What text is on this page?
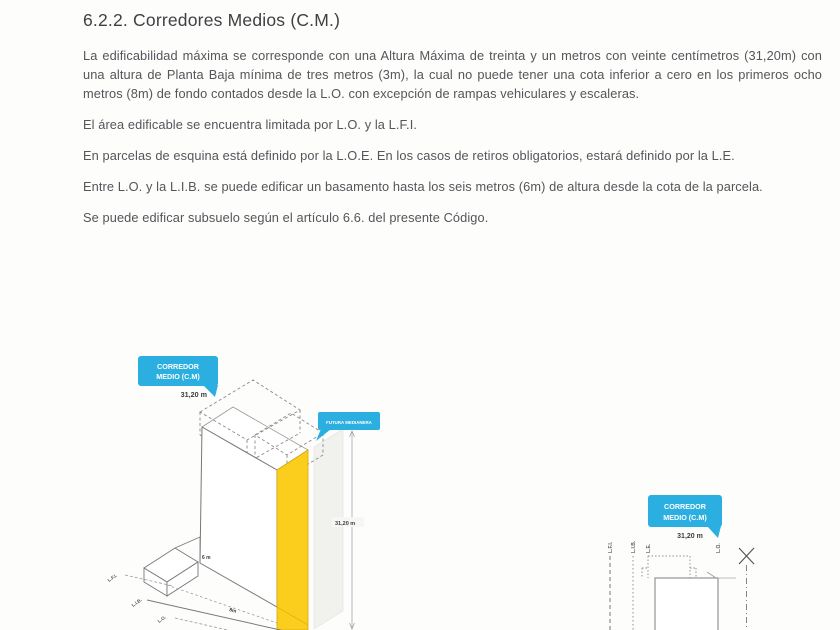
6.2.2. Corredores Medios (C.M.)

La edificabilidad máxima se corresponde con una Altura Máxima de treinta y un metros con veinte centímetros (31,20m) con una altura de Planta Baja mínima de tres metros (3m), la cual no puede tener una cota inferior a cero en los primeros ocho metros (8m) de fondo contados desde la L.O. con excepción de rampas vehiculares y escaleras.

El área edificable se encuentra limitada por L.O. y la L.F.I.

En parcelas de esquina está definido por la L.O.E. En los casos de retiros obligatorios, estará definido por la L.E.

Entre L.O. y la L.I.B. se puede edificar un basamento hasta los seis metros (6m) de altura desde la cota de la parcela.

Se puede edificar subsuelo según el artículo 6.6. del presente Código.

6 m
8m
L.F.I.
L.I.B.
L.O.
31,20 m
CORREDOR
MEDIO (C.M)
31,20 m
FUTURA MEDIANERA
L.F.I.	L.I.B. L.E.	L.O.
CORREDOR
MEDIO (C.M)
31,20 m
